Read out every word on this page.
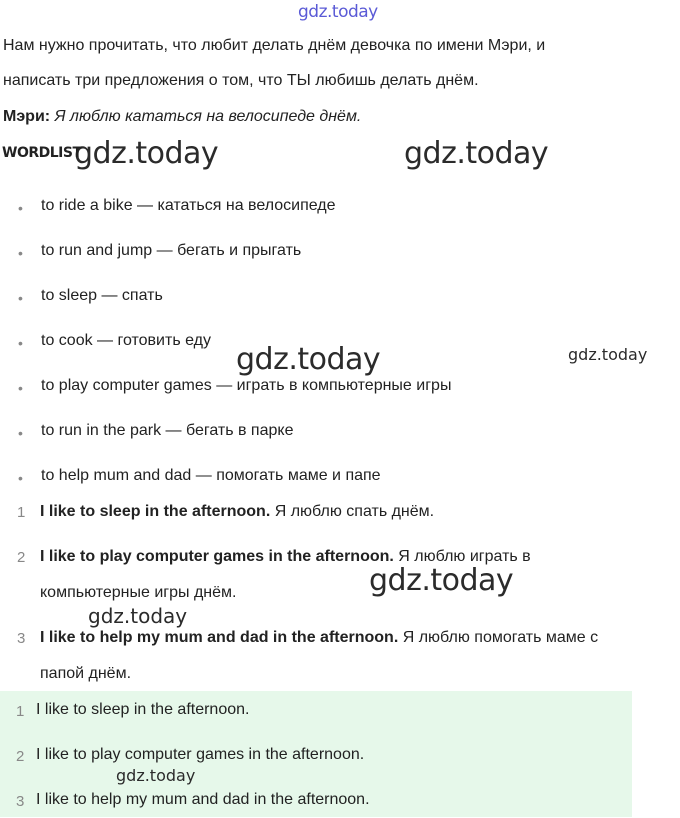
gdz.today
gdz.today	gdz.today
gdz.today	gdz.today
gdz.today
gdz.today
Нам нужно прочитать, что любит делать днём девочка по имени Мэри, и
написать три предложения о том, что ТЫ любишь делать днём.
Мэри: Я люблю кататься на велосипеде днём.
WORDLIST
• to ride a bike — кататься на велосипеде
• to run and jump — бегать и прыгать
• to sleep — спать
• to cook — готовить еду
• to play computer games — играть в компьютерные игры
• to run in the park — бегать в парке
• to help mum and dad — помогать маме и папе
1 I like to sleep in the afternoon. Я люблю спать днём.
2 I like to play computer games in the afternoon. Я люблю играть в
компьютерные игры днём.
3 I like to help my mum and dad in the afternoon. Я люблю помогать маме с
папой днём.
1 I like to sleep in the afternoon.
2 I like to play computer games in the afternoon.
3 I like to help my mum and dad in the afternoon.
gdz.today
